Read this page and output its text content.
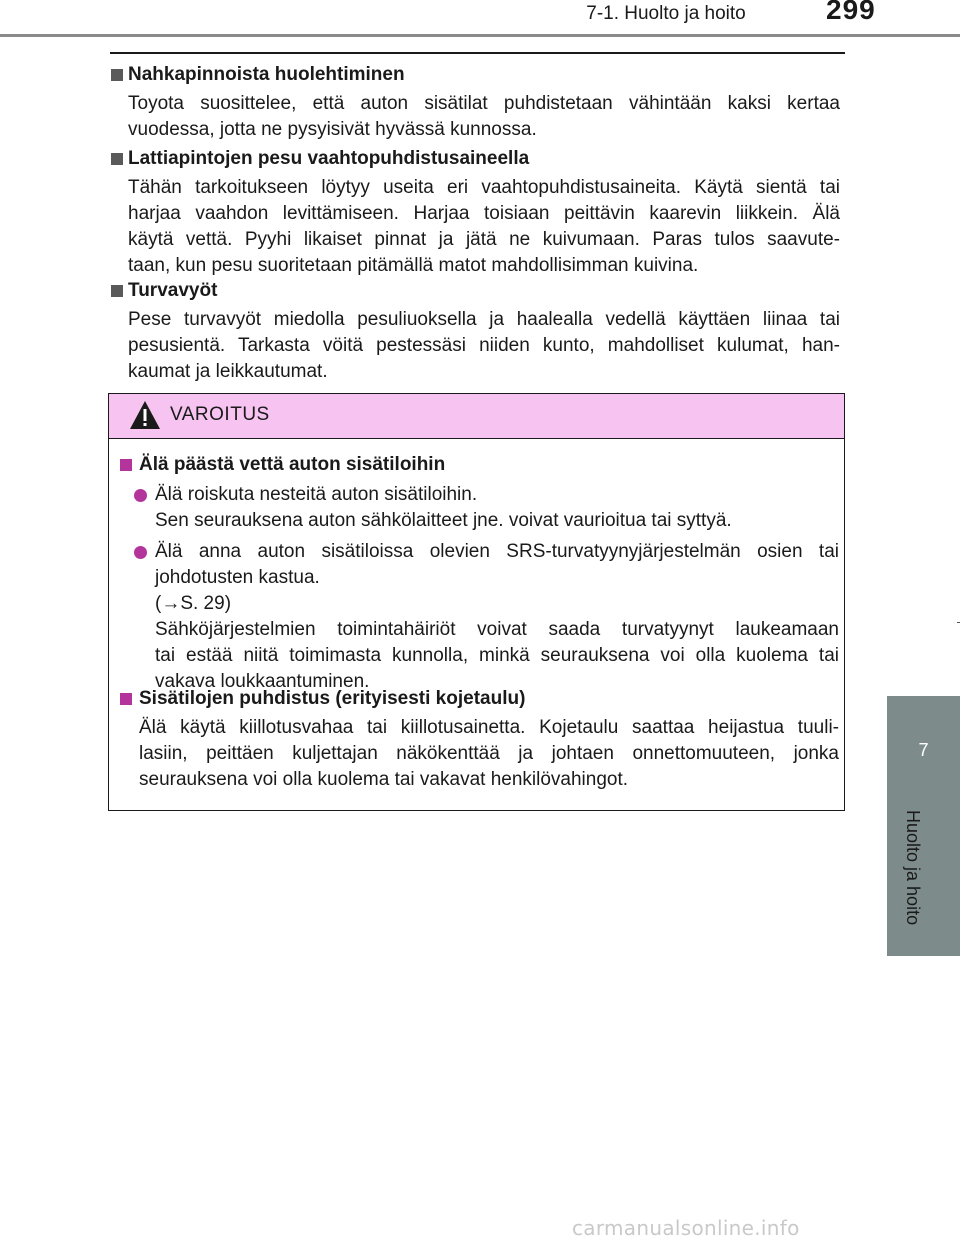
7-1. Huolto ja hoito	299
7
Huolto ja hoito
Nahkapinnoista huolehtiminen
Toyota suosittelee, että auton sisätilat puhdistetaan vähintään kaksi kertaa
vuodessa, jotta ne pysyisivät hyvässä kunnossa.
Lattiapintojen pesu vaahtopuhdistusaineella
Tähän tarkoitukseen löytyy useita eri vaahtopuhdistusaineita. Käytä sientä tai
harjaa vaahdon levittämiseen. Harjaa toisiaan peittävin kaarevin liikkein. Älä
käytä vettä. Pyyhi likaiset pinnat ja jätä ne kuivumaan. Paras tulos saavute-
taan, kun pesu suoritetaan pitämällä matot mahdollisimman kuivina.
Turvavyöt
Pese turvavyöt miedolla pesuliuoksella ja haalealla vedellä käyttäen liinaa tai
pesusientä. Tarkasta vöitä pestessäsi niiden kunto, mahdolliset kulumat, han-
kaumat ja leikkautumat.
VAROITUS
Älä päästä vettä auton sisätiloihin
Älä roiskuta nesteitä auton sisätiloihin.
Sen seurauksena auton sähkölaitteet jne. voivat vaurioitua tai syttyä.
Älä anna auton sisätiloissa olevien SRS-turvatyynyjärjestelmän osien tai
johdotusten kastua.
(→S. 29)
Sähköjärjestelmien toimintahäiriöt voivat saada turvatyynyt laukeamaan
tai estää niitä toimimasta kunnolla, minkä seurauksena voi olla kuolema tai
vakava loukkaantuminen.
Sisätilojen puhdistus (erityisesti kojetaulu)
Älä käytä kiillotusvahaa tai kiillotusainetta. Kojetaulu saattaa heijastua tuuli-
lasiin, peittäen kuljettajan näkökenttää ja johtaen onnettomuuteen, jonka
seurauksena voi olla kuolema tai vakavat henkilövahingot.
carmanualsonline.info
